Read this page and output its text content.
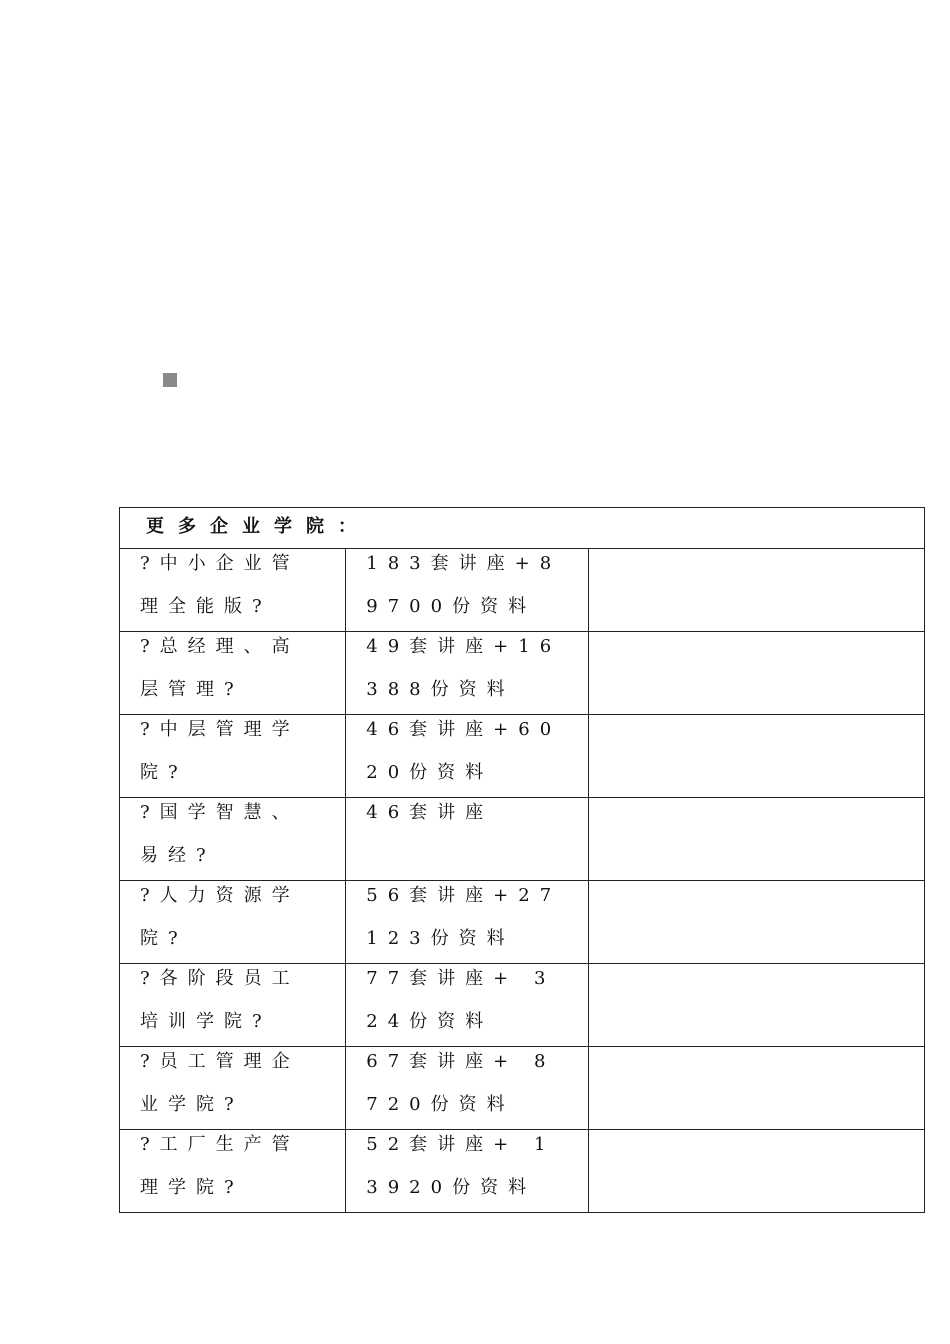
更多企业学院：		

?中小企业管理全能版?	183套讲座+89700份资料	

?总经理、高层管理?	49套讲座+16388份资料	

?中层管理学院?	46套讲座+6020份资料	

?国学智慧、易经?	46套讲座	

?人力资源学院?	56套讲座+27123份资料	

?各阶段员工培训学院?	77套讲座+ 324份资料	

?员工管理企业学院?	67套讲座+ 8720份资料	

?工厂生产管理学院?	52套讲座+ 13920份资料	
